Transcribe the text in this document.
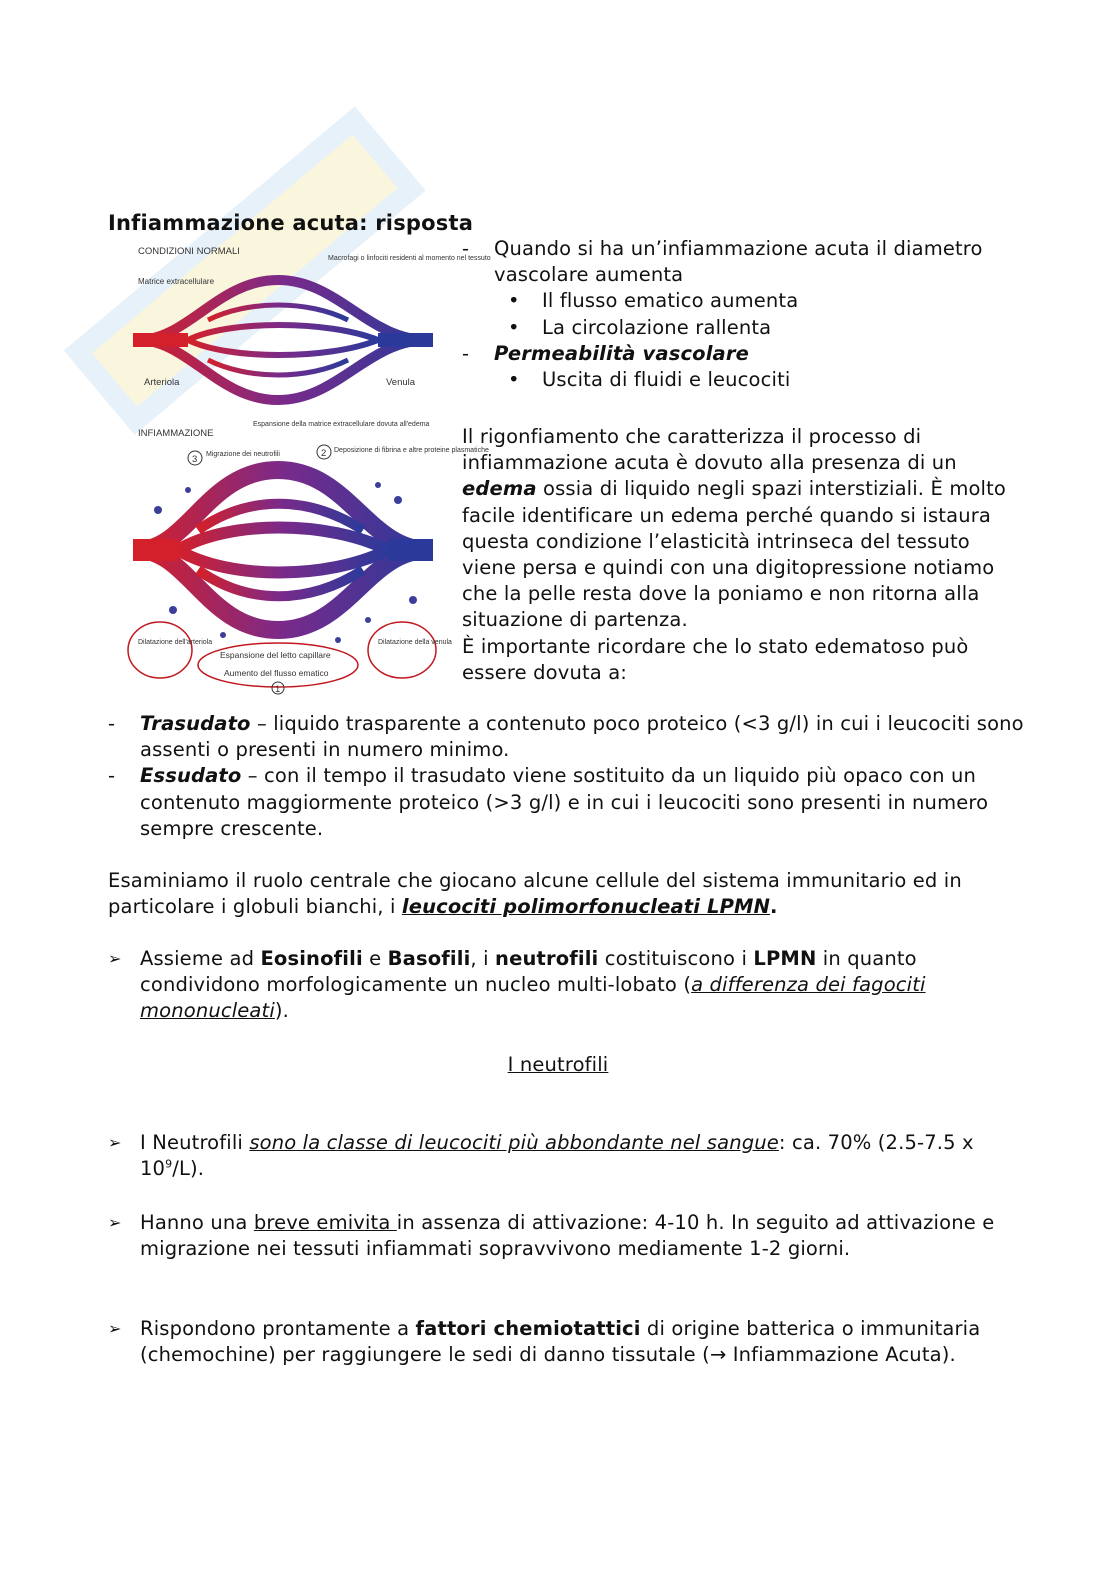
Infiammazione acuta: risposta
CONDIZIONI NORMALI
Matrice extracellulare
Macrofagi o linfociti residenti al momento nel tessuto
Arteriola	Venula
INFIAMMAZIONE
Espansione della matrice extracellulare dovuta all'edema
3 Migrazione dei neutrofili	2 Deposizione di fibrina e altre proteine plasmatiche
Dilatazione dell'arteriola
Espansione del letto capillare
Dilatazione della venula
Aumento del flusso ematico
1
- Quando si ha un’infiammazione acuta il diametro vascolare aumenta
• Il flusso ematico aumenta
• La circolazione rallenta
- Permeabilità vascolare
• Uscita di fluidi e leucociti
Il rigonfiamento che caratterizza il processo di infiammazione acuta è dovuto alla presenza di un edema ossia di liquido negli spazi interstiziali. È molto facile identificare un edema perché quando si istaura questa condizione l’elasticità intrinseca del tessuto viene persa e quindi con una digitopressione notiamo che la pelle resta dove la poniamo e non ritorna alla situazione di partenza.
È importante ricordare che lo stato edematoso può essere dovuta a:
- Trasudato – liquido trasparente a contenuto poco proteico (<3 g/l) in cui i leucociti sono assenti o presenti in numero minimo.
- Essudato – con il tempo il trasudato viene sostituito da un liquido più opaco con un contenuto maggiormente proteico (>3 g/l) e in cui i leucociti sono presenti in numero sempre crescente.
Esaminiamo il ruolo centrale che giocano alcune cellule del sistema immunitario ed in particolare i globuli bianchi, i leucociti polimorfonucleati LPMN.
➢ Assieme ad Eosinofili e Basofili, i neutrofili costituiscono i LPMN in quanto condividono morfologicamente un nucleo multi-lobato (a differenza dei fagociti mononucleati).
I neutrofili
➢ I Neutrofili sono la classe di leucociti più abbondante nel sangue: ca. 70% (2.5-7.5 x $10^9/L$).
➢ Hanno una breve emivita in assenza di attivazione: 4-10 h. In seguito ad attivazione e migrazione nei tessuti infiammati sopravvivono mediamente 1-2 giorni.
➢ Rispondono prontamente a fattori chemiotattici di origine batterica o immunitaria (chemochine) per raggiungere le sedi di danno tissutale (→ Infiammazione Acuta).
